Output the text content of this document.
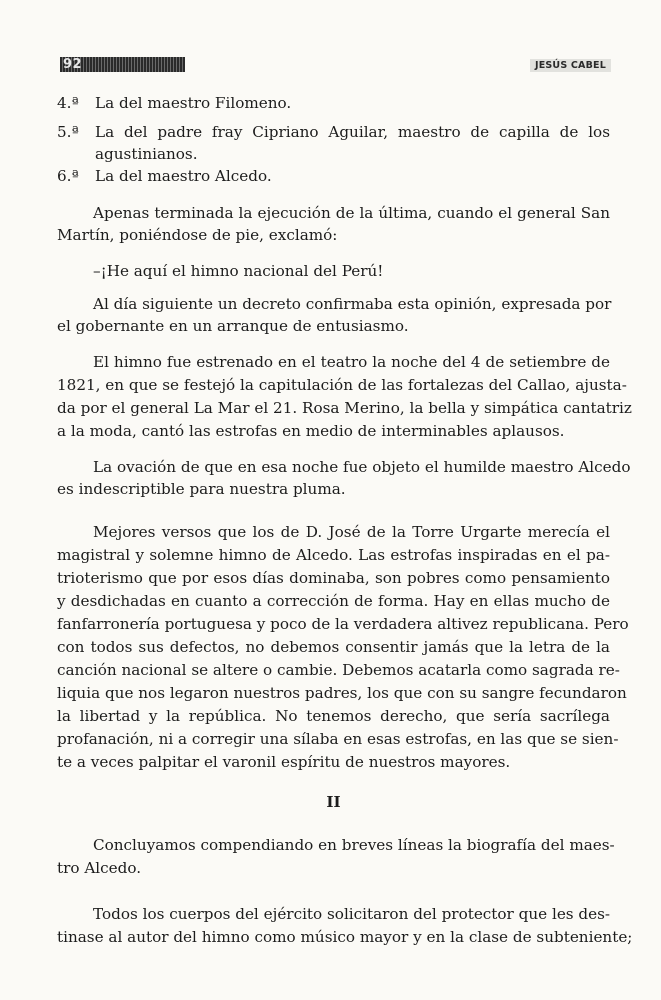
92	JESÚS CABEL
4.ª	La del maestro Filomeno.
5.ª	La del padre fray Cipriano Aguilar, maestro de capilla de los
agustinianos.
6.ª	La del maestro Alcedo.
Apenas terminada la ejecución de la última, cuando el general San
Martín, poniéndose de pie, exclamó:
–¡He aquí el himno nacional del Perú!
Al día siguiente un decreto confirmaba esta opinión, expresada por
el gobernante en un arranque de entusiasmo.
El himno fue estrenado en el teatro la noche del 4 de setiembre de
1821, en que se festejó la capitulación de las fortalezas del Callao, ajusta-
da por el general La Mar el 21. Rosa Merino, la bella y simpática cantatriz
a la moda, cantó las estrofas en medio de interminables aplausos.
La ovación de que en esa noche fue objeto el humilde maestro Alcedo
es indescriptible para nuestra pluma.
Mejores versos que los de D. José de la Torre Urgarte merecía el
magistral y solemne himno de Alcedo. Las estrofas inspiradas en el pa-
trioterismo que por esos días dominaba, son pobres como pensamiento
y desdichadas en cuanto a corrección de forma. Hay en ellas mucho de
fanfarronería portuguesa y poco de la verdadera altivez republicana. Pero
con todos sus defectos, no debemos consentir jamás que la letra de la
canción nacional se altere o cambie. Debemos acatarla como sagrada re-
liquia que nos legaron nuestros padres, los que con su sangre fecundaron
la libertad y la república. No tenemos derecho, que sería sacrílega
profanación, ni a corregir una sílaba en esas estrofas, en las que se sien-
te a veces palpitar el varonil espíritu de nuestros mayores.
II
Concluyamos compendiando en breves líneas la biografía del maes-
tro Alcedo.
Todos los cuerpos del ejército solicitaron del protector que les des-
tinase al autor del himno como músico mayor y en la clase de subteniente;
